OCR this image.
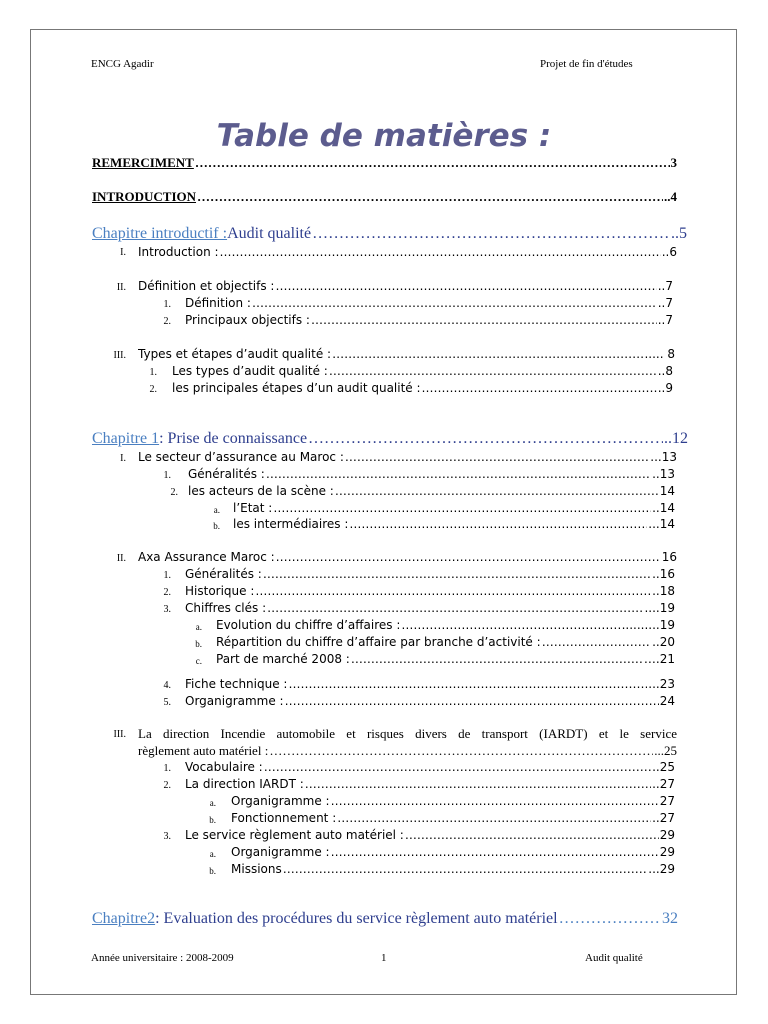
ENCG Agadir	Projet de fin d'études
Table de matières :
REMERCIMENT ……………………………………………………………………………………………………………………………………………………………………………………………………………………	3
INTRODUCTION ……………………………………………………………………………………………………………………………………………………………………………………………………………………	..4
Chapitre introductif : Audit qualité ……………………………………………………………………………………………………………………………………………………………………………………………………………………	..5
I. Introduction : ……………………………………………………………………………………………………………………………………………………………………………………………………………………	..6
II. Définition et objectifs : ……………………………………………………………………………………………………………………………………………………………………………………………………………………	..7
1. Définition : ……………………………………………………………………………………………………………………………………………………………………………………………………………………	..7
2. Principaux objectifs : ……………………………………………………………………………………………………………………………………………………………………………………………………………………	..7
III. Types et étapes d’audit qualité : ……………………………………………………………………………………………………………………………………………………………………………………………………………………	..... 8
1. Les types d’audit qualité : ……………………………………………………………………………………………………………………………………………………………………………………………………………………	..8
2. les principales étapes d’un audit qualité : ……………………………………………………………………………………………………………………………………………………………………………………………………………………	..9
Chapitre 1 : Prise de connaissance ……………………………………………………………………………………………………………………………………………………………………………………………………………………	..12
I. Le secteur d’assurance au Maroc : ……………………………………………………………………………………………………………………………………………………………………………………………………………………	...13
1. Généralités : ……………………………………………………………………………………………………………………………………………………………………………………………………………………	..13
2. les acteurs de la scène : ……………………………………………………………………………………………………………………………………………………………………………………………………………………	14
a. l’Etat : ……………………………………………………………………………………………………………………………………………………………………………………………………………………	..14
b. les intermédiaires : ……………………………………………………………………………………………………………………………………………………………………………………………………………………	...14
II. Axa Assurance Maroc : ……………………………………………………………………………………………………………………………………………………………………………………………………………………	16
1. Généralités : ……………………………………………………………………………………………………………………………………………………………………………………………………………………	..16
2. Historique : ……………………………………………………………………………………………………………………………………………………………………………………………………………………	..18
3. Chiffres clés : ……………………………………………………………………………………………………………………………………………………………………………………………………………………	....19
a. Evolution du chiffre d’affaires : ……………………………………………………………………………………………………………………………………………………………………………………………………………………	..........19
b. Répartition du chiffre d’affaire par branche d’activité : ……………………………………………………………………………………………………………………………………………………………………………………………………………………	..20
c. Part de marché 2008 : ……………………………………………………………………………………………………………………………………………………………………………………………………………………	….21
4. Fiche technique : ……………………………………………………………………………………………………………………………………………………………………………………………………………………	...23
5. Organigramme : ……………………………………………………………………………………………………………………………………………………………………………………………………………………	24
III. La direction Incendie automobile et risques divers de transport (IARDT) et le service
règlement auto matériel : ……………………………………………………………………………………………………………………………………………………………………………………………………………………	...25
1. Vocabulaire : ……………………………………………………………………………………………………………………………………………………………………………………………………………………	..25
2. La direction IARDT : ……………………………………………………………………………………………………………………………………………………………………………………………………………………	..27
a. Organigramme : ……………………………………………………………………………………………………………………………………………………………………………………………………………………	27
b. Fonctionnement : ……………………………………………………………………………………………………………………………………………………………………………………………………………………	..27
3. Le service règlement auto matériel : ……………………………………………………………………………………………………………………………………………………………………………………………………………………	29
a. Organigramme : ……………………………………………………………………………………………………………………………………………………………………………………………………………………	29
b. Missions ……………………………………………………………………………………………………………………………………………………………………………………………………………………	...29
Chapitre2 : Evaluation des procédures du service règlement auto matériel ……………………………………………………………………………………………………………………………………………………………………………………………………………………	32
Année universitaire : 2008-2009	1	Audit qualité
